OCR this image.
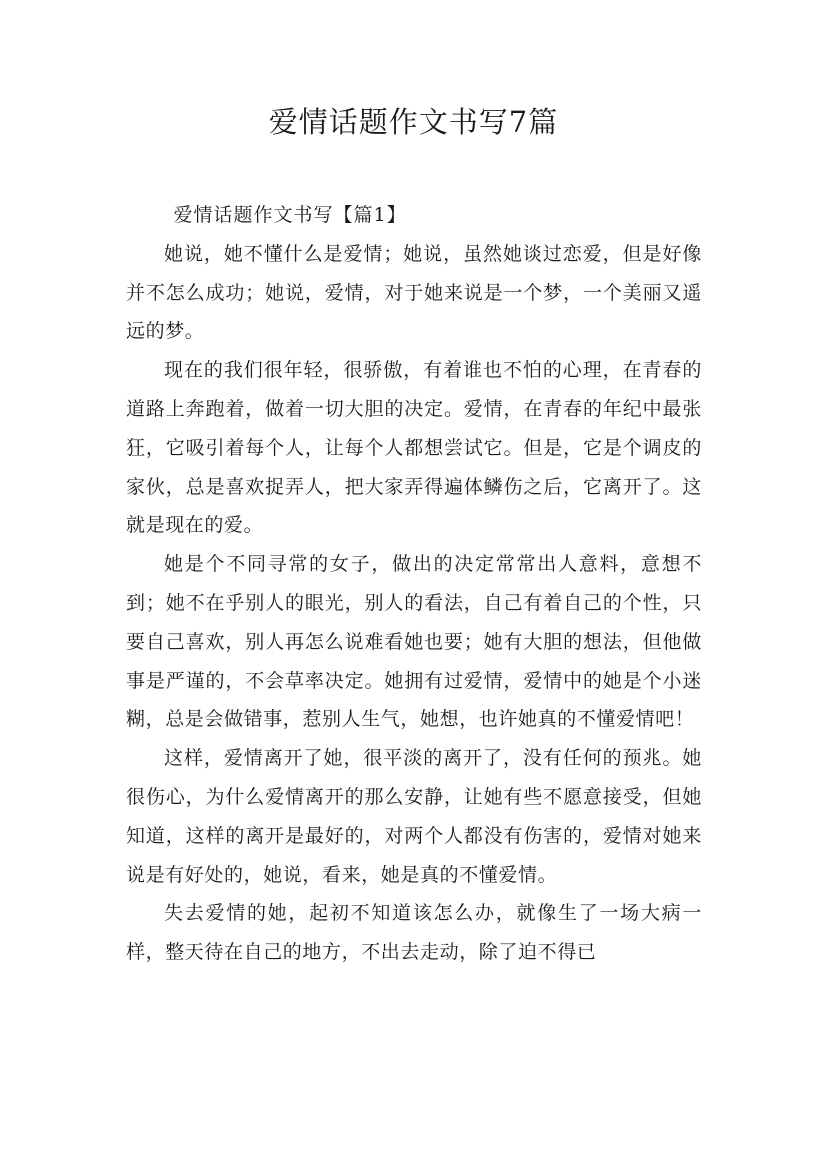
爱情话题作文书写7篇

爱情话题作文书写【篇1】

她说，她不懂什么是爱情；她说，虽然她谈过恋爱，但是好像并不怎么成功；她说，爱情，对于她来说是一个梦，一个美丽又遥远的梦。

现在的我们很年轻，很骄傲，有着谁也不怕的心理，在青春的道路上奔跑着，做着一切大胆的决定。爱情，在青春的年纪中最张狂，它吸引着每个人，让每个人都想尝试它。但是，它是个调皮的家伙，总是喜欢捉弄人，把大家弄得遍体鳞伤之后，它离开了。这就是现在的爱。

她是个不同寻常的女子，做出的决定常常出人意料，意想不到；她不在乎别人的眼光，别人的看法，自己有着自己的个性，只要自己喜欢，别人再怎么说难看她也要；她有大胆的想法，但他做事是严谨的，不会草率决定。她拥有过爱情，爱情中的她是个小迷糊，总是会做错事，惹别人生气，她想，也许她真的不懂爱情吧！

这样，爱情离开了她，很平淡的离开了，没有任何的预兆。她很伤心，为什么爱情离开的那么安静，让她有些不愿意接受，但她知道，这样的离开是最好的，对两个人都没有伤害的，爱情对她来说是有好处的，她说，看来，她是真的不懂爱情。

失去爱情的她，起初不知道该怎么办，就像生了一场大病一样，整天待在自己的地方，不出去走动，除了迫不得已
